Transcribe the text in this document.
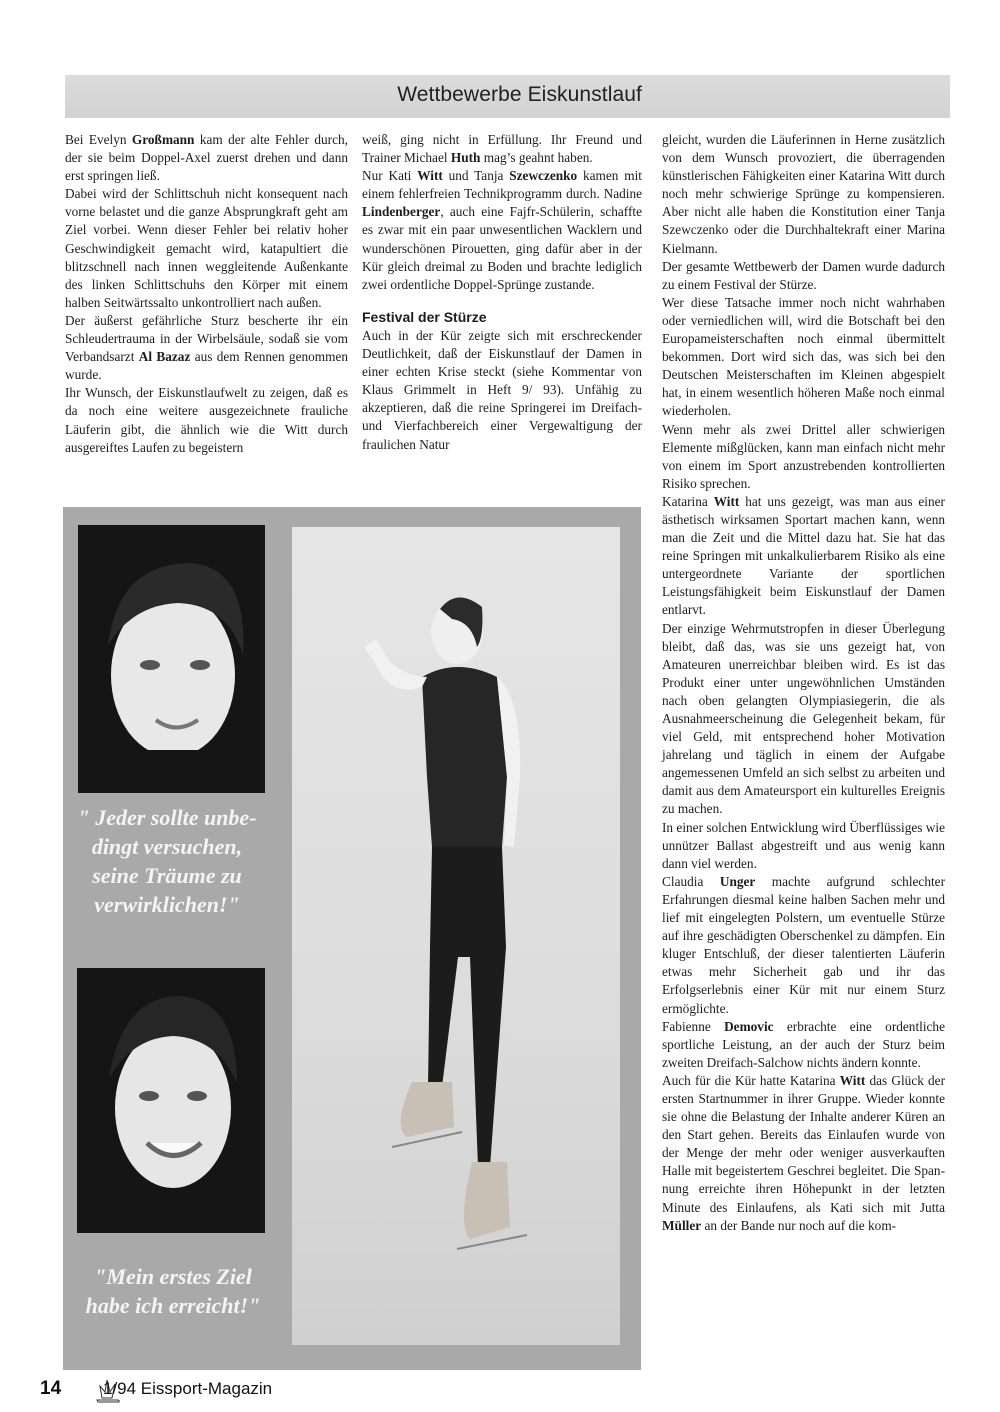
Wettbewerbe Eiskunstlauf

Bei Evelyn Großmann kam der alte Fehler durch, der sie beim Doppel-Axel zuerst drehen und dann erst springen ließ.

Dabei wird der Schlittschuh nicht konsequent nach vorne belastet und die ganze Absprungkraft geht am Ziel vorbei. Wenn dieser Fehler bei relativ hoher Geschwindigkeit gemacht wird, katapultiert die blitzschnell nach innen weggleitende Außenkante des linken Schlittschuhs den Körper mit einem halben Seitwärtssalto unkontrolliert nach außen.

Der äußerst gefährliche Sturz bescherte ihr ein Schleudertrauma in der Wirbelsäule, sodaß sie vom Verbandsarzt Al Bazaz aus dem Rennen genommen wurde.

Ihr Wunsch, der Eiskunstlaufwelt zu zeigen, daß es da noch eine weitere ausgezeichnete frauliche Läuferin gibt, die ähnlich wie die Witt durch ausgereiftes Laufen zu begeistern

weiß, ging nicht in Erfüllung. Ihr Freund und Trainer Michael Huth mag’s geahnt haben.

Nur Kati Witt und Tanja Szewczenko kamen mit einem fehlerfreien Technikprogramm durch. Nadine Lindenberger, auch eine Fajfr-Schülerin, schaffte es zwar mit ein paar unwesentlichen Wacklern und wunderschönen Pirouetten, ging dafür aber in der Kür gleich dreimal zu Boden und brachte lediglich zwei ordentliche Doppel-Sprünge zustande.

Festival der Stürze

Auch in der Kür zeigte sich mit erschreckender Deutlichkeit, daß der Eiskunstlauf der Damen in einer echten Krise steckt (siehe Kommentar von Klaus Grimmelt in Heft 9/ 93). Unfähig zu akzeptieren, daß die reine Springerei im Dreifach- und Vierfachbereich einer Vergewaltigung der fraulichen Natur

gleicht, wurden die Läuferinnen in Herne zusätzlich von dem Wunsch provoziert, die überragenden künstlerischen Fähigkeiten einer Katarina Witt durch noch mehr schwierige Sprünge zu kompensieren. Aber nicht alle haben die Konstitution einer Tanja Szewczenko oder die Durchhaltekraft einer Marina Kielmann.

Der gesamte Wettbewerb der Damen wurde dadurch zu einem Festival der Stürze.

Wer diese Tatsache immer noch nicht wahrhaben oder verniedlichen will, wird die Botschaft bei den Europameisterschaften noch einmal übermittelt bekommen. Dort wird sich das, was sich bei den Deutschen Meisterschaften im Kleinen abgespielt hat, in einem wesentlich höheren Maße noch einmal wiederholen.

Wenn mehr als zwei Drittel aller schwierigen Elemente mißglücken, kann man einfach nicht mehr von einem im Sport anzustrebenden kontrollierten Risiko sprechen.

Katarina Witt hat uns gezeigt, was man aus einer ästhetisch wirksamen Sportart machen kann, wenn man die Zeit und die Mittel dazu hat. Sie hat das reine Springen mit unkalkulierbarem Risiko als eine untergeordnete Variante der sportlichen Leistungsfähigkeit beim Eiskunstlauf der Damen entlarvt.

Der einzige Wehrmutstropfen in dieser Überlegung bleibt, daß das, was sie uns gezeigt hat, von Amateuren unerreichbar bleiben wird. Es ist das Produkt einer unter ungewöhnlichen Umständen nach oben gelangten Olympiasiegerin, die als Ausnahmeerscheinung die Gelegenheit bekam, für viel Geld, mit entsprechend hoher Motivation jahrelang und täglich in einem der Aufgabe angemessenen Umfeld an sich selbst zu arbeiten und damit aus dem Amateursport ein kulturelles Ereignis zu machen.

In einer solchen Entwicklung wird Überflüssiges wie unnützer Ballast abgestreift und aus wenig kann dann viel werden.

Claudia Unger machte aufgrund schlechter Erfahrungen diesmal keine halben Sachen mehr und lief mit eingelegten Polstern, um eventuelle Stürze auf ihre geschädigten Oberschenkel zu dämpfen. Ein kluger Entschluß, der dieser talentierten Läuferin etwas mehr Sicherheit gab und ihr das Erfolgserlebnis einer Kür mit nur einem Sturz ermöglichte.

Fabienne Demovic erbrachte eine ordentliche sportliche Leistung, an der auch der Sturz beim zweiten Dreifach-Salchow nichts ändern konnte.

Auch für die Kür hatte Katarina Witt das Glück der ersten Startnummer in ihrer Gruppe. Wieder konnte sie ohne die Belastung der Inhalte anderer Küren an den Start gehen. Bereits das Einlaufen wurde von der Menge der mehr oder weniger ausverkauften Halle mit begeistertem Geschrei begleitet. Die Spannung erreichte ihren Höhepunkt in der letzten Minute des Einlaufens, als Kati sich mit Jutta Müller an der Bande nur noch auf die kom-

" Jeder sollte unbe-dingt versuchen, seine Träume zu verwirklichen!"
"Mein erstes Ziel habe ich erreicht!"
14 1/94 Eissport-Magazin
